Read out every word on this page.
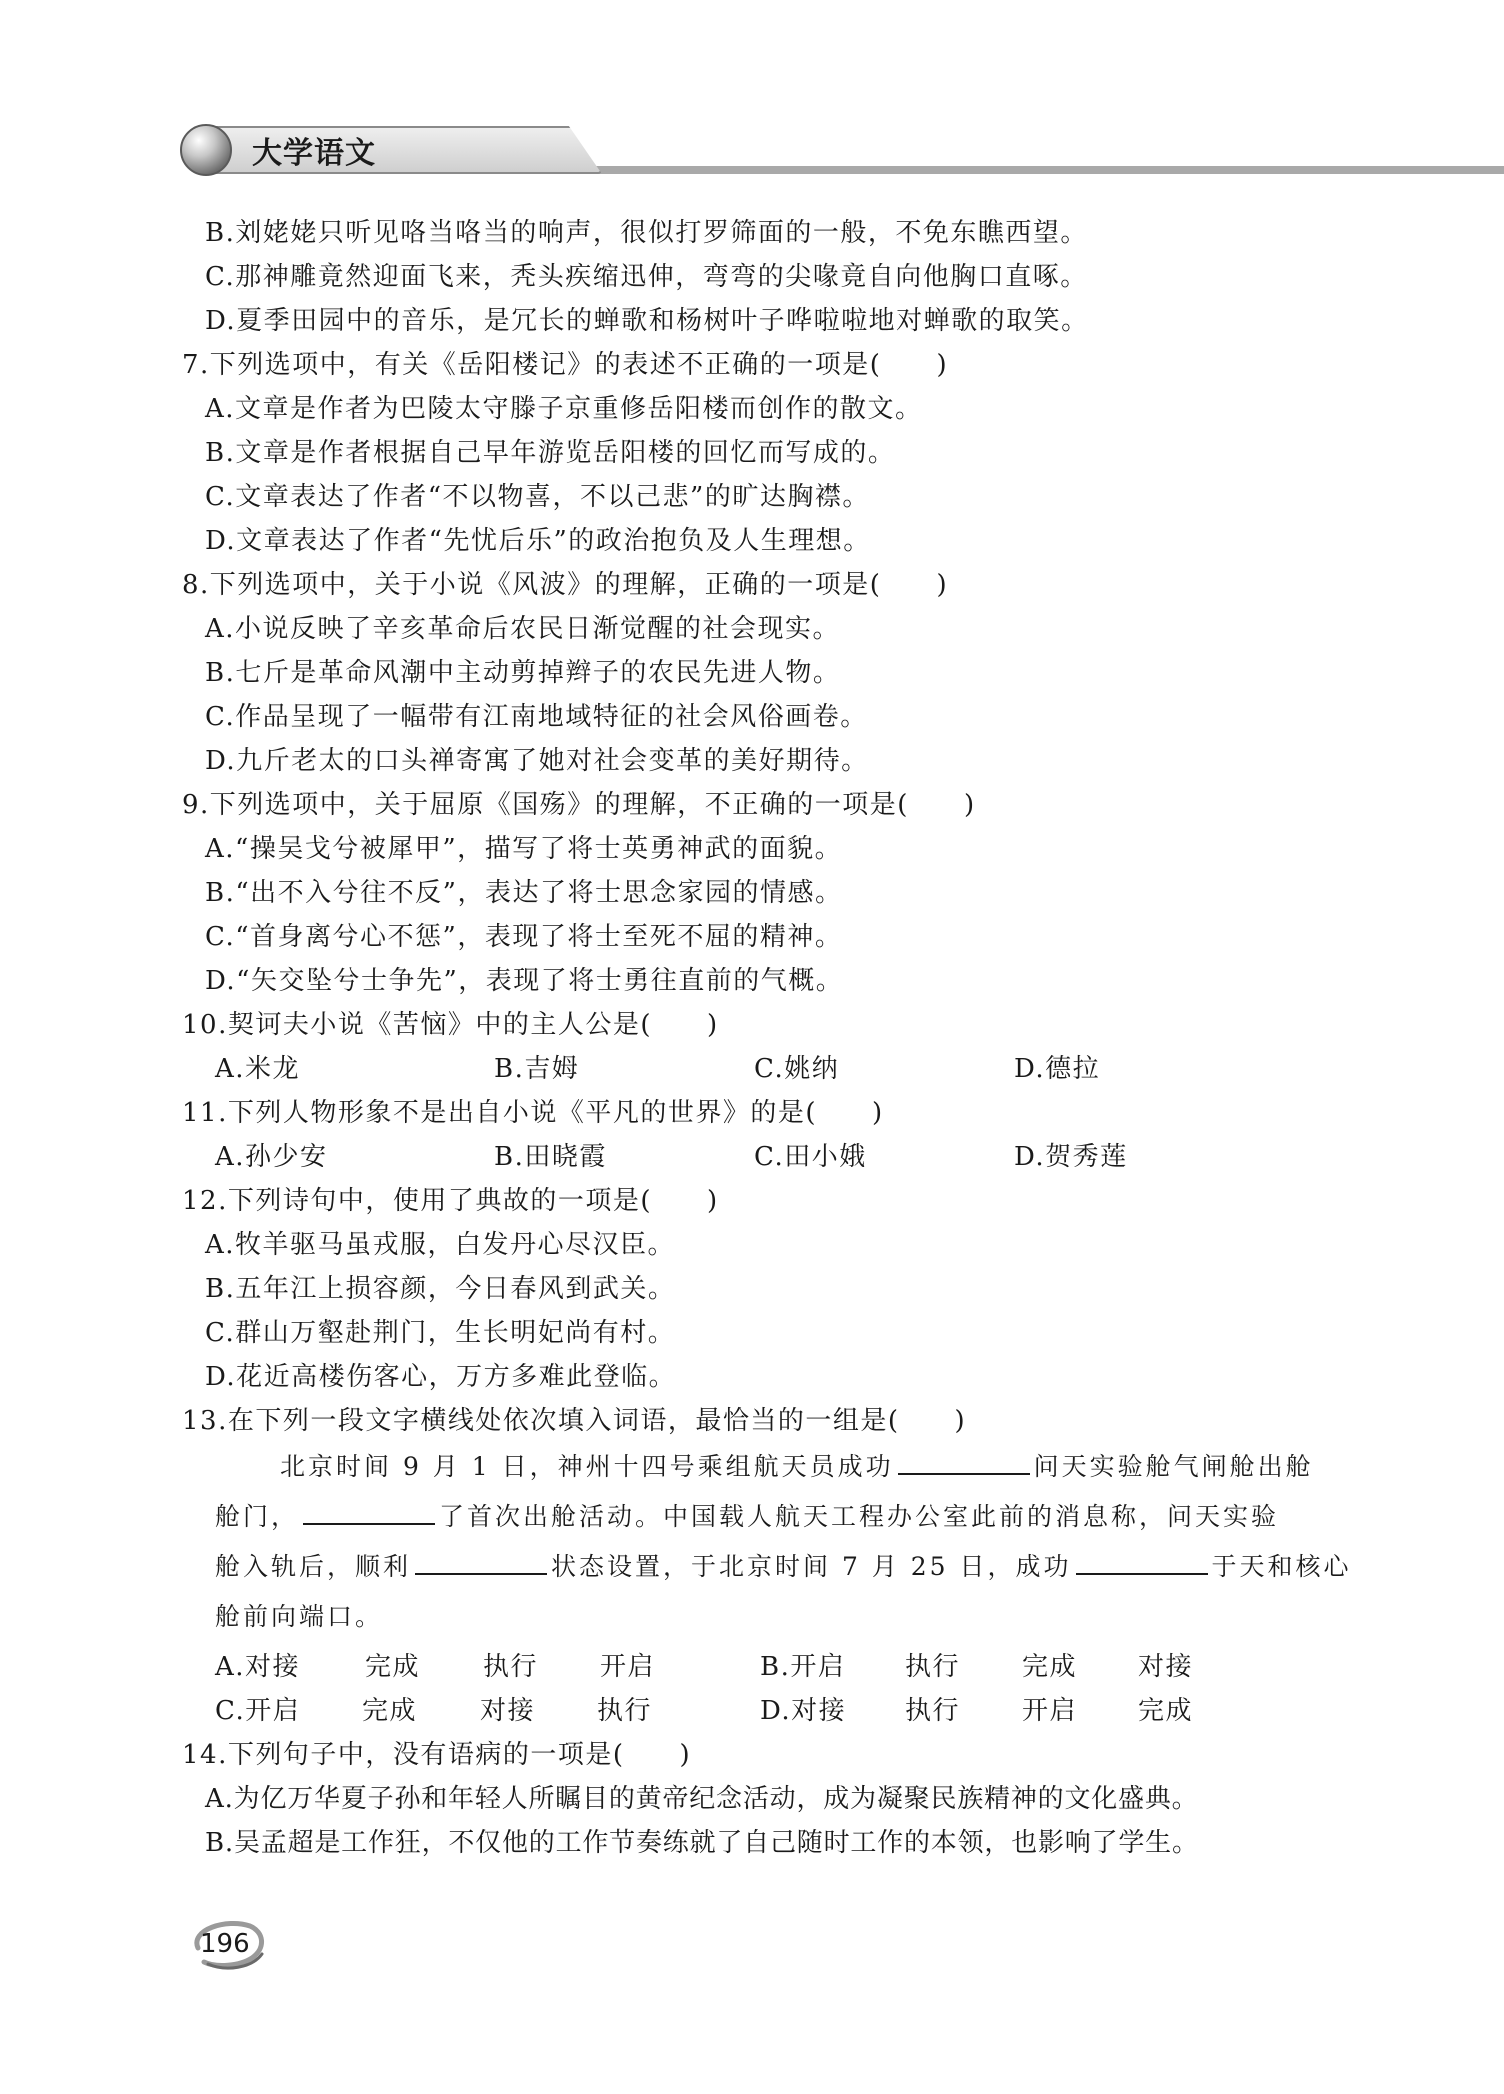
大学语文
B.刘姥姥只听见咯当咯当的响声，很似打罗筛面的一般，不免东瞧西望。
C.那神雕竟然迎面飞来，秃头疾缩迅伸，弯弯的尖喙竟自向他胸口直啄。
D.夏季田园中的音乐，是冗长的蝉歌和杨树叶子哗啦啦地对蝉歌的取笑。
7.下列选项中，有关《岳阳楼记》的表述不正确的一项是(　　)
A.文章是作者为巴陵太守滕子京重修岳阳楼而创作的散文。
B.文章是作者根据自己早年游览岳阳楼的回忆而写成的。
C.文章表达了作者“不以物喜，不以己悲”的旷达胸襟。
D.文章表达了作者“先忧后乐”的政治抱负及人生理想。
8.下列选项中，关于小说《风波》的理解，正确的一项是(　　)
A.小说反映了辛亥革命后农民日渐觉醒的社会现实。
B.七斤是革命风潮中主动剪掉辫子的农民先进人物。
C.作品呈现了一幅带有江南地域特征的社会风俗画卷。
D.九斤老太的口头禅寄寓了她对社会变革的美好期待。
9.下列选项中，关于屈原《国殇》的理解，不正确的一项是(　　)
A.“操吴戈兮被犀甲”，描写了将士英勇神武的面貌。
B.“出不入兮往不反”，表达了将士思念家园的情感。
C.“首身离兮心不惩”，表现了将士至死不屈的精神。
D.“矢交坠兮士争先”，表现了将士勇往直前的气概。
10.契诃夫小说《苦恼》中的主人公是(　　)
A.米龙	B.吉姆	C.姚纳	D.德拉
11.下列人物形象不是出自小说《平凡的世界》的是(　　)
A.孙少安	B.田晓霞	C.田小娥	D.贺秀莲
12.下列诗句中，使用了典故的一项是(　　)
A.牧羊驱马虽戎服，白发丹心尽汉臣。
B.五年江上损容颜，今日春风到武关。
C.群山万壑赴荆门，生长明妃尚有村。
D.花近高楼伤客心，万方多难此登临。
13.在下列一段文字横线处依次填入词语，最恰当的一组是(　　)
北京时间 9 月 1 日，神州十四号乘组航天员成功	问天实验舱气闸舱出舱
舱门，	了首次出舱活动。中国载人航天工程办公室此前的消息称，问天实验
舱入轨后，顺利	状态设置，于北京时间 7 月 25 日，成功	于天和核心
舱前向端口。
A.对接 完成 执行 开启	B.开启 执行 完成 对接
C.开启 完成 对接 执行	D.对接 执行 开启 完成
14.下列句子中，没有语病的一项是(　　)
A.为亿万华夏子孙和年轻人所瞩目的黄帝纪念活动，成为凝聚民族精神的文化盛典。
B.吴孟超是工作狂，不仅他的工作节奏练就了自己随时工作的本领，也影响了学生。
196
